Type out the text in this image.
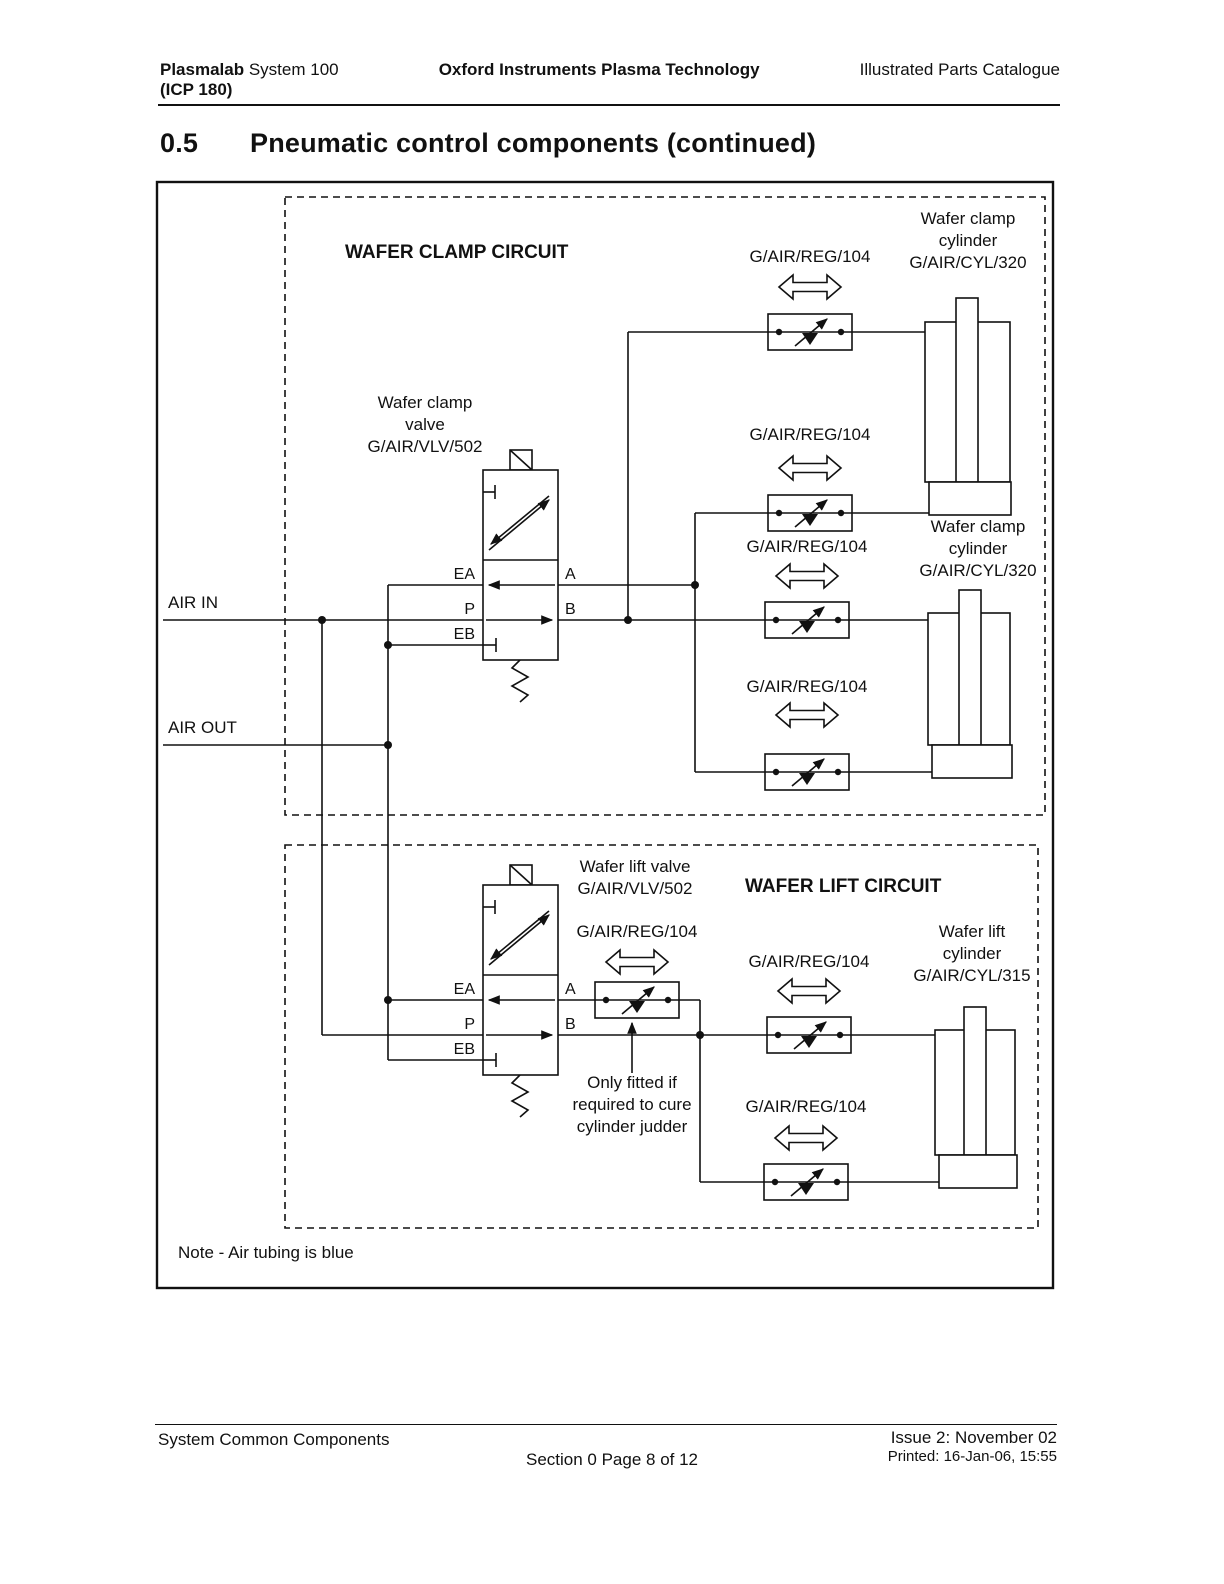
Plasmalab System 100
(ICP 180)
Oxford Instruments Plasma Technology	Illustrated Parts Catalogue
0.5 Pneumatic control components (continued)
WAFER CLAMP CIRCUIT
WAFER LIFT CIRCUIT
AIR IN
AIR OUT
Wafer clamp
valve
G/AIR/VLV/502
EA
P
EB
A
B
Wafer lift valve
G/AIR/VLV/502
EA
P
EB
A
B
G/AIR/REG/104
G/AIR/REG/104
G/AIR/REG/104
G/AIR/REG/104
G/AIR/REG/104
G/AIR/REG/104
G/AIR/REG/104
Only fitted if
required to cure
cylinder judder
Wafer clamp
cylinder
G/AIR/CYL/320
Wafer clamp
cylinder
G/AIR/CYL/320
Wafer lift
cylinder
G/AIR/CYL/315
Note - Air tubing is blue
System Common Components
Section 0 Page 8 of 12
Issue 2: November 02
Printed: 16-Jan-06, 15:55
